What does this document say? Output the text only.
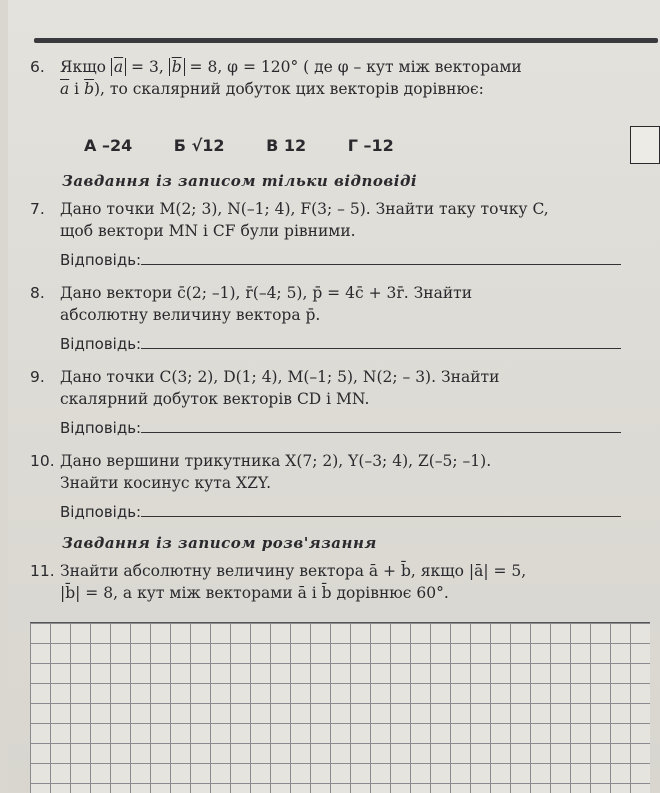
6. Якщо $\overline{a} = 3$, $\overline{b} = 8$, φ = 120° ( де φ – кут між векторами
$\overline{a}$ і $\overline{b}$), то скалярний добуток цих векторів дорівнює:
А –24	Б √12	В 12	Г –12
Завдання із записом тільки відповіді
7. Дано точки M(2; 3), N(–1; 4), F(3; – 5). Знайти таку точку C,
щоб вектори MN і CF були рівними.
Відповідь:
8. Дано вектори c̄(2; –1), r̄(–4; 5), p̄ = 4c̄ + 3r̄. Знайти
абсолютну величину вектора p̄.
Відповідь:
9. Дано точки C(3; 2), D(1; 4), M(–1; 5), N(2; – 3). Знайти
скалярний добуток векторів CD і MN.
Відповідь:
10. Дано вершини трикутника X(7; 2), Y(–3; 4), Z(–5; –1).
Знайти косинус кута XZY.
Відповідь:
Завдання із записом розв'язання
11. Знайти абсолютну величину вектора ā + b̄, якщо |ā| = 5,
|b̄| = 8, а кут між векторами ā і b̄ дорівнює 60°.
